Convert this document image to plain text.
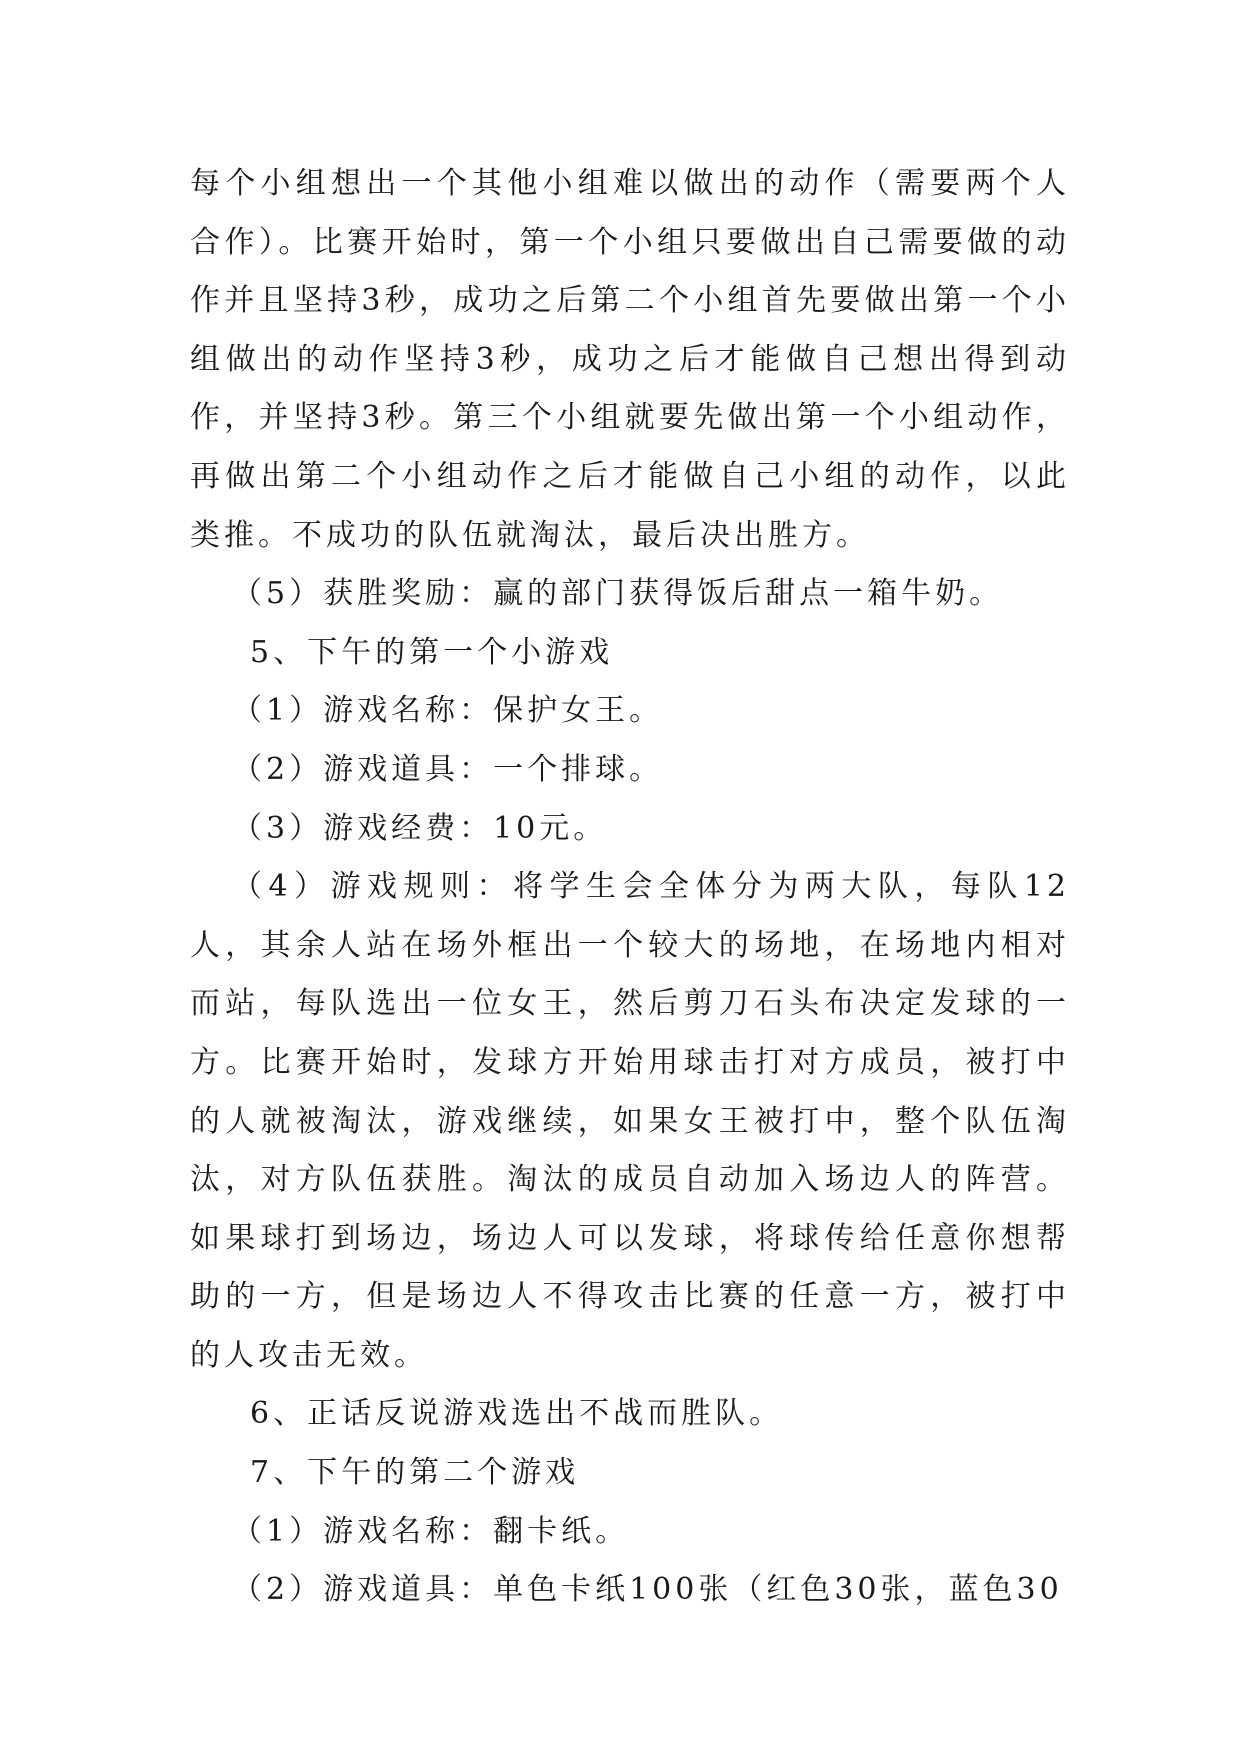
每个小组想出一个其他小组难以做出的动作（需要两个人合作）。比赛开始时，第一个小组只要做出自己需要做的动作并且坚持3秒，成功之后第二个小组首先要做出第一个小组做出的动作坚持3秒，成功之后才能做自己想出得到动作，并坚持3秒。第三个小组就要先做出第一个小组动作，再做出第二个小组动作之后才能做自己小组的动作，以此类推。不成功的队伍就淘汰，最后决出胜方。

（5）获胜奖励：赢的部门获得饭后甜点一箱牛奶。

5、下午的第一个小游戏

（1）游戏名称：保护女王。

（2）游戏道具：一个排球。

（3）游戏经费：10元。

（4）游戏规则：将学生会全体分为两大队，每队12人，其余人站在场外框出一个较大的场地，在场地内相对而站，每队选出一位女王，然后剪刀石头布决定发球的一方。比赛开始时，发球方开始用球击打对方成员，被打中的人就被淘汰，游戏继续，如果女王被打中，整个队伍淘汰，对方队伍获胜。淘汰的成员自动加入场边人的阵营。如果球打到场边，场边人可以发球，将球传给任意你想帮助的一方，但是场边人不得攻击比赛的任意一方，被打中的人攻击无效。

6、正话反说游戏选出不战而胜队。

7、下午的第二个游戏

（1）游戏名称：翻卡纸。

（2）游戏道具：单色卡纸100张（红色30张，蓝色30
